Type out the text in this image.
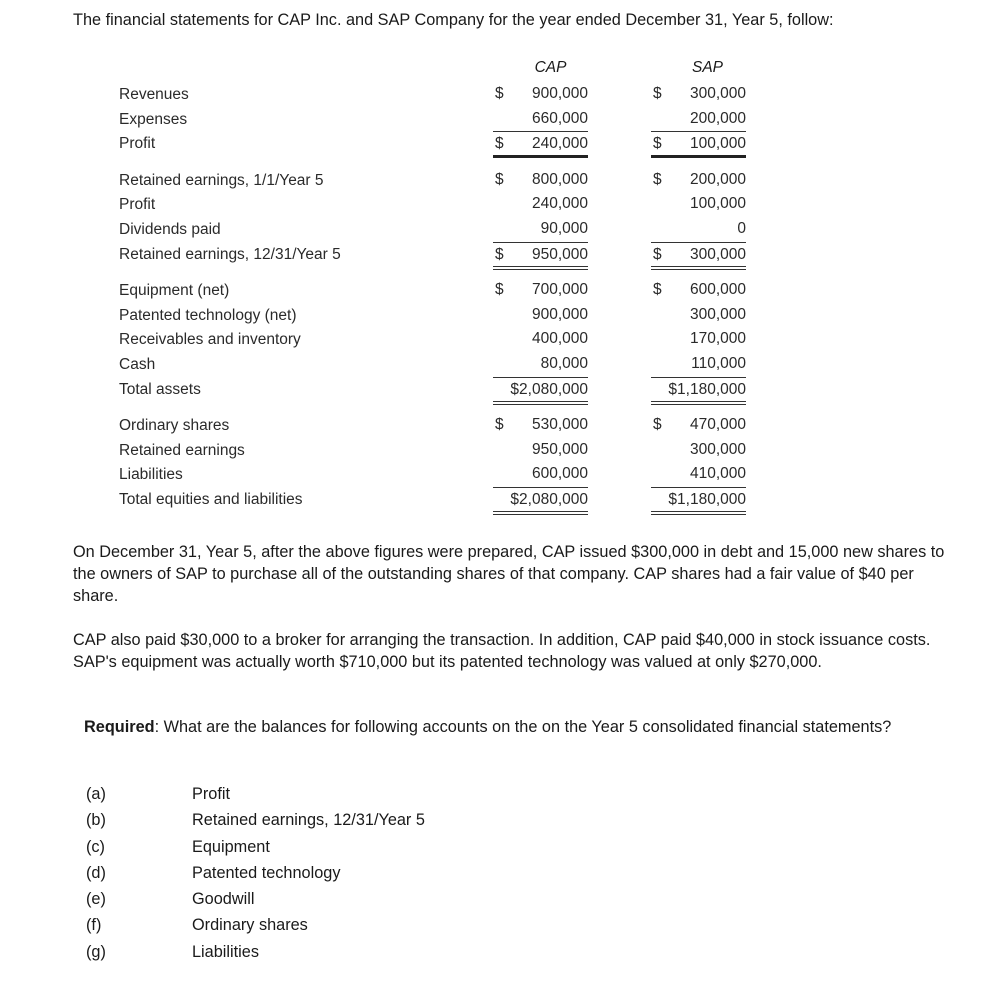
The financial statements for CAP Inc. and SAP Company for the year ended December 31, Year 5, follow:

CAP	SAP
Revenues	$ 900,000	$ 300,000
Expenses	660,000	200,000
Profit	$ 240,000	$ 100,000
Retained earnings, 1/1/Year 5	$ 800,000	$ 200,000
Profit	240,000	100,000
Dividends paid	90,000	0
Retained earnings, 12/31/Year 5	$ 950,000	$ 300,000
Equipment (net)	$ 700,000	$ 600,000
Patented technology (net)	900,000	300,000
Receivables and inventory	400,000	170,000
Cash	80,000	110,000
Total assets	$2,080,000	$1,180,000
Ordinary shares	$ 530,000	$ 470,000
Retained earnings	950,000	300,000
Liabilities	600,000	410,000
Total equities and liabilities	$2,080,000	$1,180,000

On December 31, Year 5, after the above figures were prepared, CAP issued $300,000 in debt and 15,000 new shares to the owners of SAP to purchase all of the outstanding shares of that company. CAP shares had a fair value of $40 per share.

CAP also paid $30,000 to a broker for arranging the transaction. In addition, CAP paid $40,000 in stock issuance costs. SAP's equipment was actually worth $710,000 but its patented technology was valued at only $270,000.

Required: What are the balances for following accounts on the on the Year 5 consolidated financial statements?

(a)	Profit
(b)	Retained earnings, 12/31/Year 5
(c)	Equipment
(d)	Patented technology
(e)	Goodwill
(f)	Ordinary shares
(g)	Liabilities
